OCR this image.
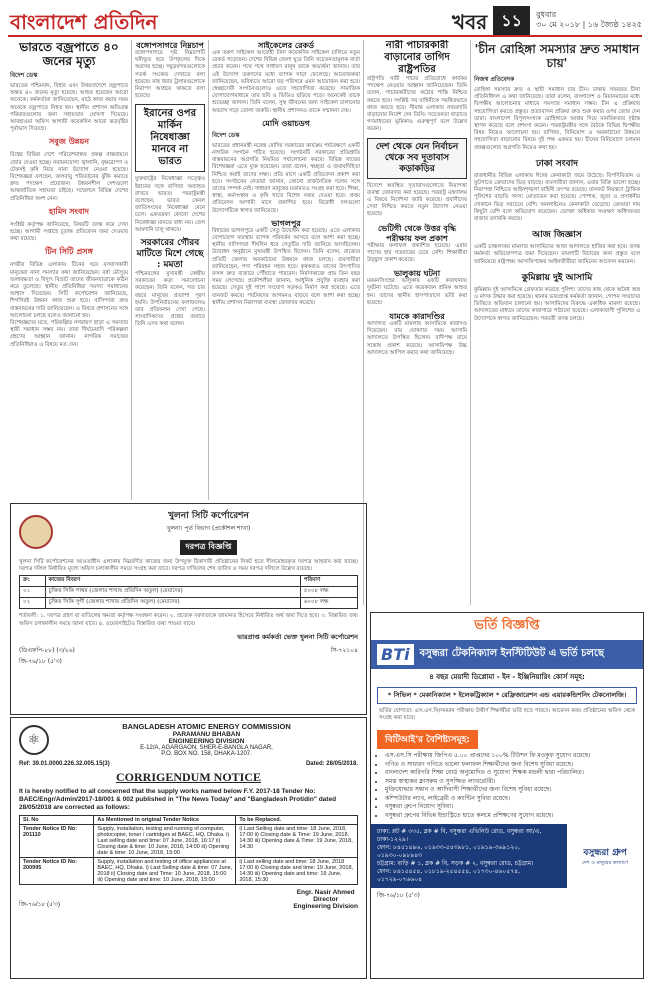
বাংলাদেশ প্রতিদিন	খবর ১১	বুধবার
৩০ মে ২০১৮ | ১৬ জ্যৈষ্ঠ ১৪২৫
ভারতে বজ্রপাতে ৪০ জনের মৃত্যু
বিদেশ ডেস্ক

ভারতের পশ্চিমবঙ্গ, বিহার এবং উত্তরপ্রদেশে বজ্রপাতে অন্তত ৪০ জনের মৃত্যু হয়েছে। আহত হয়েছেন আরো অনেকে। কর্মকর্তারা জানিয়েছেন, মাঠে কাজ করার সময় অনেকে বজ্রপাতে নিহত হন। স্থানীয় প্রশাসন ক্ষতিগ্রস্ত পরিবারগুলোর জন্য সহায়তার ঘোষণা দিয়েছে। আবহাওয়া অফিস আগামী কয়েকদিন আরো ঝড়বৃষ্টির পূর্বাভাস দিয়েছে।

সবুজ উন্নয়ন

বিশ্বের বিভিন্ন দেশে পরিবেশবান্ধব প্রকল্প বাস্তবায়নে জোর দেওয়া হচ্ছে। নবায়নযোগ্য জ্বালানি, বৃক্ষরোপণ ও টেকসই কৃষি নিয়ে নানা উদ্যোগ নেওয়া হয়েছে। বিশেষজ্ঞরা বলছেন, জলবায়ু পরিবর্তনের ঝুঁকি কমাতে দ্রুত পদক্ষেপ প্রয়োজন। উন্নয়নশীল দেশগুলো আন্তর্জাতিক সহায়তা চাইছে। সম্মেলনে বিভিন্ন দেশের প্রতিনিধিরা অংশ নেন।

হামিদ সংবাদ

সংশ্লিষ্ট কর্তৃপক্ষ জানিয়েছে, বিষয়টি তদন্ত করে দেখা হচ্ছে। আগামী সপ্তাহে চূড়ান্ত প্রতিবেদন জমা দেওয়ার কথা রয়েছে।

টিন সিটি প্রসঙ্গ

নগরীর বিভিন্ন এলাকায় টিনের ঘরে বসবাসকারী মানুষেরা নানা সমস্যার কথা জানিয়েছেন। বর্ষা মৌসুমে জলাবদ্ধতা ও বিদ্যুৎ বিভ্রাট তাদের জীবনযাত্রাকে কঠিন করে তুলেছে। স্থানীয় প্রতিনিধিরা সমস্যা সমাধানের আশ্বাস দিয়েছেন। সিটি কর্পোরেশন জানিয়েছে, শিগগিরই উন্নয়ন কাজ শুরু হবে। বাসিন্দারা দ্রুত বাস্তবায়নের দাবি জানিয়েছেন। এ বিষয়ে প্রশাসনের সঙ্গে আলোচনা চলছে বলেও জানানো হয়।

বিশেষজ্ঞদের মতে, পরিকল্পিত নগরায়ণ ছাড়া এ সমস্যার স্থায়ী সমাধান সম্ভব নয়। তারা দীর্ঘমেয়াদি পরিকল্পনা গ্রহণের আহ্বান জানান। নাগরিক সমাজের প্রতিনিধিরাও এ বিষয়ে মত দেন।

বঙ্গোপসাগরে নিম্নচাপ

বঙ্গোপসাগরে সৃষ্ট নিম্নচাপটি ঘনীভূত হয়ে উপকূলের দিকে অগ্রসর হচ্ছে। সমুদ্রবন্দরগুলোকে সতর্ক সংকেত দেখাতে বলা হয়েছে। মাছ ধরার ট্রলারগুলোকে নিরাপদ আশ্রয়ে থাকতে বলা হয়েছে।

ইরানের ওপর মার্কিন নিষেধাজ্ঞা মানবে না ভারত

যুক্তরাষ্ট্রের নিষেধাজ্ঞা সত্ত্বেও ইরানের সঙ্গে বাণিজ্য অব্যাহত রাখবে ভারত। পররাষ্ট্রমন্ত্রী বলেছেন, ভারত কেবল জাতিসংঘের নিষেধাজ্ঞা মেনে চলে। একতরফা কোনো দেশের নিষেধাজ্ঞা মানতে বাধ্য নয়। তেল আমদানি চালু থাকবে।

সরকারের গৌরব মাটিতে মিশে গেছে : মমতা

পশ্চিমবঙ্গের মুখ্যমন্ত্রী কেন্দ্রীয় সরকারের কড়া সমালোচনা করেছেন। তিনি বলেন, গত চার বছরে মানুষের প্রত্যাশা পূরণ হয়নি। উপনির্বাচনের ফলাফলেও তার প্রতিফলন দেখা গেছে। সাংবাদিকদের প্রশ্নের জবাবে তিনি এসব কথা বলেন।

সাইকেলের রেকর্ড

এক তরুণ সাইকেল আরোহী টানা কয়েকদিন সাইকেল চালিয়ে নতুন রেকর্ড গড়েছেন। দেশের বিভিন্ন জেলা ঘুরে তিনি সচেতনতামূলক বার্তা প্রচার করেন। পথে পথে সাধারণ মানুষ তাকে অভ্যর্থনা জানায়। তার এই উদ্যোগ তরুণদের মধ্যে ব্যাপক সাড়া ফেলেছে। আয়োজকরা জানিয়েছেন, ভবিষ্যতে আরো বড় পরিসরে এমন আয়োজন করা হবে। স্বেচ্ছাসেবী সংগঠনগুলোও এতে সহযোগিতা করেছে। সামাজিক যোগাযোগমাধ্যমে তার ছবি ও ভিডিও ছড়িয়ে পড়ে। অনেকেই তাকে শুভেচ্ছা জানান। তিনি বলেন, সুস্থ জীবনের জন্য সাইকেল চালানোর অভ্যাস গড়ে তোলা জরুরি। স্থানীয় প্রশাসনও তাকে সম্মাননা দেয়।

মোদি ওয়াচডগ
বিদেশ ডেস্ক

ভারতের প্রধানমন্ত্রী নরেন্দ্র মোদির সরকারের কার্যক্রম পর্যবেক্ষণে একটি নাগরিক সংগঠন গঠিত হয়েছে। সংগঠনটি সরকারের প্রতিশ্রুতি বাস্তবায়নের অগ্রগতি নিয়মিত পর্যালোচনা করবে। বিভিন্ন খাতের বিশেষজ্ঞরা এতে যুক্ত হয়েছেন। তারা বলেন, স্বচ্ছতা ও জবাবদিহিতা নিশ্চিত করাই তাদের লক্ষ্য। প্রতি মাসে একটি প্রতিবেদন প্রকাশ করা হবে। সংগঠনের নেতারা জানান, কোনো রাজনৈতিক দলের সঙ্গে তাদের সম্পর্ক নেই। সাধারণ মানুষের মতামতও সংগ্রহ করা হবে। শিক্ষা, স্বাস্থ্য, কর্মসংস্থান ও কৃষি খাতে বিশেষ নজর দেওয়া হবে। প্রথম প্রতিবেদন আগামী মাসে প্রকাশিত হবে। বিরোধী দলগুলো উদ্যোগটিকে স্বাগত জানিয়েছে।

ভাগলপুর

বিহারের ভাগলপুরে একটি সেতু উদ্বোধন করা হয়েছে। এতে এলাকার যোগাযোগ ব্যবস্থায় ব্যাপক পরিবর্তন আসবে বলে আশা করা হচ্ছে। স্থানীয় বাসিন্দারা দীর্ঘদিন ধরে সেতুটির দাবি জানিয়ে আসছিলেন। উদ্বোধন অনুষ্ঠানে মুখ্যমন্ত্রী উপস্থিত ছিলেন। তিনি বলেন, রাজ্যের প্রতিটি জেলায় অবকাঠামো উন্নয়নে কাজ চলছে। ব্যবসায়ীরা জানিয়েছেন, পণ্য পরিবহন সহজ হবে। কৃষকরাও তাদের উৎপাদিত ফসল দ্রুত বাজারে পৌঁছাতে পারবেন। নির্মাণকাজে প্রায় তিন বছর সময় লেগেছে। প্রকৌশলীরা জানান, আধুনিক প্রযুক্তি ব্যবহার করা হয়েছে। সেতুর দুই পাশে সংযোগ সড়কও নির্মাণ করা হয়েছে। এতে যানজট কমবে। পর্যটকদের আগমনও বাড়বে বলে আশা করা হচ্ছে। স্থানীয় প্রশাসন নিরাপত্তা ব্যবস্থা জোরদার করেছে।

নারী পাচারকারী বাড়ানোর তাগিদ রাষ্ট্রপতির

রাষ্ট্রপতি নারী পাচার প্রতিরোধে কার্যকর পদক্ষেপ নেওয়ার আহ্বান জানিয়েছেন। তিনি বলেন, পাচারকারীদের কঠোর শাস্তি নিশ্চিত করতে হবে। সংশ্লিষ্ট সব বাহিনীকে সমন্বিতভাবে কাজ করতে হবে। সীমান্ত এলাকায় নজরদারি বাড়ানোর নির্দেশ দেন তিনি। সচেতনতা বাড়াতে গণমাধ্যমের ভূমিকাও গুরুত্বপূর্ণ বলে উল্লেখ করেন।

দেশ থেকে যেন নির্বাচন থেকে সব দূতাবাস কড়াকড়ির

বিদেশে অবস্থিত দূতাবাসগুলোতে নিরাপত্তা ব্যবস্থা জোরদার করা হয়েছে। পররাষ্ট্র মন্ত্রণালয় এ বিষয়ে নির্দেশনা জারি করেছে। প্রবাসীদের সেবা নিশ্চিত করতে নতুন উদ্যোগ নেওয়া হয়েছে।

ভেটিগী থেকে উত্তর বৃদ্ধি পরীক্ষায় ফল প্রকাশ

পরীক্ষার ফলাফল প্রকাশিত হয়েছে। এবার পাসের হার গতবারের চেয়ে বেশি। শিক্ষার্থীরা উচ্ছ্বাস প্রকাশ করেছে।

ভালুকায় ঘটনা

ময়মনসিংহের ভালুকায় একটি কারখানায় দুর্ঘটনা ঘটেছে। এতে কয়েকজন শ্রমিক আহত হন। তাদের স্থানীয় হাসপাতালে ভর্তি করা হয়েছে।

যামকে কারাদণ্ডির

আদালত একটি মামলায় আসামিকে কারাদণ্ড দিয়েছেন। রায় ঘোষণার সময় আসামি আদালতে উপস্থিত ছিলেন। বাদীপক্ষ রায়ে সন্তোষ প্রকাশ করেছে। আসামিপক্ষ উচ্চ আদালতে আপিল করার কথা জানিয়েছে।

'চীন রোহিঙ্গা সমস্যার দ্রুত সমাধান চায়'
নিজস্ব প্রতিবেদক

রোহিঙ্গা সমস্যার দ্রুত ও স্থায়ী সমাধান চায় চীন। ঢাকায় সফররত চীনা প্রতিনিধিদল এ কথা জানিয়েছে। তারা বলেন, বাংলাদেশ ও মিয়ানমারের মধ্যে দ্বিপক্ষীয় আলোচনার মাধ্যমে সমস্যার সমাধান সম্ভব। চীন এ প্রক্রিয়ায় সহযোগিতা করতে প্রস্তুত। প্রত্যাবাসন প্রক্রিয়া দ্রুত শুরু করার ওপর জোর দেন তারা। বাংলাদেশ বিপুলসংখ্যক রোহিঙ্গাকে আশ্রয় দিয়ে মানবিকতার দৃষ্টান্ত স্থাপন করেছে বলে প্রশংসা করেন। পররাষ্ট্রমন্ত্রীর সঙ্গে বৈঠকে বিভিন্ন দ্বিপক্ষীয় বিষয় নিয়েও আলোচনা হয়। বাণিজ্য, বিনিয়োগ ও অবকাঠামো উন্নয়নে সহযোগিতা বাড়ানোর বিষয়ে দুই পক্ষ একমত হয়। চীনের বিনিয়োগে চলমান প্রকল্পগুলোর অগ্রগতি নিয়েও কথা হয়।

ঢাকা সংবাদ

রাজধানীর বিভিন্ন এলাকায় ঈদের কেনাকাটা জমে উঠেছে। বিপণিবিতান ও ফুটপাতে ক্রেতাদের ভিড় বাড়ছে। ব্যবসায়ীরা জানান, এবার বিক্রি ভালো হচ্ছে। নিরাপত্তা নিশ্চিতে আইনশৃঙ্খলা বাহিনী তৎপর রয়েছে। যানজট নিয়ন্ত্রণে ট্রাফিক পুলিশের বাড়তি সদস্য মোতায়েন করা হয়েছে। পোশাক, জুতা ও প্রসাধনীর দোকানে ভিড় সবচেয়ে বেশি। অনলাইনেও কেনাকাটা বেড়েছে। ক্রেতারা দাম কিছুটা বেশি বলে অভিযোগ করেছেন। ভোক্তা অধিকার সংরক্ষণ অধিদফতর বাজার তদারকি করছে।

আজ জিজ্ঞাস

একটি চাঞ্চল্যকর মামলার আসামিদের আজ আদালতে হাজির করা হবে। তদন্ত কর্মকর্তা অভিযোগপত্র জমা দিয়েছেন। মামলাটি বিচারের জন্য প্রস্তুত বলে জানিয়েছে রাষ্ট্রপক্ষ। আসামিপক্ষের আইনজীবীরা জামিনের আবেদন করবেন।

কুমিল্লায় দুই আসামি

কুমিল্লায় দুই আসামিকে গ্রেফতার করেছে পুলিশ। তাদের কাছ থেকে অবৈধ অস্ত্র ও মাদক উদ্ধার করা হয়েছে। থানার ভারপ্রাপ্ত কর্মকর্তা জানান, গোপন সংবাদের ভিত্তিতে অভিযান চালানো হয়। আসামিদের বিরুদ্ধে একাধিক মামলা রয়েছে। আদালতের মাধ্যমে তাদের কারাগারে পাঠানো হয়েছে। এলাকাবাসী পুলিশের এ উদ্যোগকে স্বাগত জানিয়েছেন। পরবর্তী তদন্ত চলছে।

খুলনা সিটি কর্পোরেশন
খুলনা। পূর্ত বিভাগ (প্রকৌশল শাখা)
দরপত্র বিজ্ঞপ্তি

খুলনা সিটি কর্পোরেশনের আওতাধীন এলাকায় নিম্নবর্ণিত কাজের জন্য উপযুক্ত ঠিকাদারী প্রতিষ্ঠানের নিকট হতে সীলমোহরকৃত দরপত্র আহবান করা যাচ্ছে। দরপত্র দলিল নির্ধারিত মূল্যে অফিস চলাকালীন সময়ে সংগ্রহ করা যাবে। দরপত্র দাখিলের শেষ তারিখ ও সময় দরপত্র দলিলে উল্লেখ রয়েছে।

ক্র:	কাজের বিবরণ	পরিমাণ
০১	চুক্তির সিকি পাথর (জেলার শাখায় প্রতিদিন অতুল) (মেয়াদের)	৫০০৮ লক্ষ
০২	চুক্তির সিকি সুগী (জেলার শাখায় প্রতিদিন অতুল) (মেয়াদের)	৬০০৮ লক্ষ

শর্তাবলী: ১. দরপত্র গ্রহণ বা বাতিলের ক্ষমতা কর্তৃপক্ষ সংরক্ষণ করেন। ২. প্রত্যেক দরদাতাকে জামানত হিসেবে নির্ধারিত অর্থ জমা দিতে হবে। ৩. বিস্তারিত তথ্য অফিস চলাকালীন সময়ে জানা যাবে। ৪. ওয়েবসাইটেও বিস্তারিত তথ্য পাওয়া যাবে।

ভারপ্রাপ্ত কর্মকর্তা ভেক্ত খুলনা সিটি কর্পোরেশন
(ডিএফপি-৮৮) (৩/২৬)	সি-৭২১০৪
জি-৭৬/১৮ (৫'৩)
⚛
BANGLADESH ATOMIC ENERGY COMMISSION
PARAMANU BHABAN
ENGINEERING DIVISION
E-12/A, AGARGAON, SHER-E-BANGLA NAGAR,
P.O. BOX NO. 158, DHAKA-1207.
Ref: 39.01.0000.226.32.005.15(3)	Dated: 28/05/2018.
CORRIGENDUM NOTICE

It is hereby notified to all concerned that the supply works named below F.Y. 2017-18 Tender No: BAEC/Engr/Admin/2017-18/001 & 002 published in "The News Today" and "Bangladesh Protidin" dated 28/05/2018 are corrected as follows:

Sl. No	As Mentioned in original Tender Notice	To be Replaced.
Tender Notice ID No: 201110	Supply, installation, testing and running of computer, photocopier, toner / cartridges at BAEC, HQ, Dhaka. i) Last selling date and time: 07 June, 2018, 16:17 ii) Closing date & time: 10 June, 2018, 14:00 iii) Opening date & time: 10 June, 2018, 15:00	i) Last Selling date and time: 18 June, 2018, 17:00 ii) Closing date & Time: 19 June, 2018, 14:30 iii) Opening date & Time: 19 June, 2018, 14:30
Tender Notice ID No: 200995	Supply, installation and testing of office appliances at BAEC, HQ, Dhaka. i) Last Selling date & time: 07 June, 2018 ii) Closing date and Time: 10 June, 2018, 15:00 iii) Opening date and time: 10 June, 2018, 15:00	i) Last selling date and time: 18 June, 2018 17:00 ii) Closing date and time: 19 June, 2018, 14:30 iii) Opening date and time: 19 June, 2018, 15:30
জি-৭৬/১৮ (৫'৩)
Engr. Nasir Ahmed
Director
Engineering Division
ভর্তি বিজ্ঞপ্তি
BTi	বসুন্ধরা টেকনিক্যাল ইনস্টিটিউট এ ভর্তি চলছে
৪ বছর মেয়াদী ডিপ্লোমা - ইন - ইঞ্জিনিয়ারিং কোর্স সমূহ:
* সিভিল * মেকানিক্যাল * ইলেকট্রিক্যাল * রেফ্রিজারেশন এন্ড এয়ারকন্ডিশনিং টেকনোলজি।

ভর্তির যোগ্যতা: এস.এস.সি/সমমান পরীক্ষায় উত্তীর্ণ শিক্ষার্থীরা ভর্তি হতে পারবে। আবেদন ফরম প্রতিষ্ঠানের অফিস থেকে সংগ্রহ করা যাবে।

বিটিআই'র বৈশিষ্ট্যসমূহ:
• এস.এস.সি পরীক্ষায় জিপিএ ৫.০০ প্রাপ্তদের ১০০% টিউশন ফি মওকুফ সুযোগ রয়েছে।
• গণিত ও সাধারণ গণিতে ভালো ফলাফল শিক্ষার্থীদের জন্য বিশেষ সুবিধা রয়েছে।
• বাংলাদেশ কারিগরি শিক্ষা বোর্ড অনুমোদিত ও সুযোগ্য শিক্ষক মন্ডলী দ্বারা পরিচালিত।
• সমস্ত স্বাস্থ্যকর ক্লাসরুম ও সুসজ্জিত ল্যাবরেটরী।
• মুক্তিযোদ্ধার সন্তান ও আদিবাসী শিক্ষার্থীদের জন্য বিশেষ সুবিধা রয়েছে।
• কম্পিউটার ল্যাব, লাইব্রেরী ও ক্যান্টিন সুবিধা রয়েছে।
• বসুন্ধরা গ্রুপে নিয়োগ সুবিধা।
• বসুন্ধরা গ্রুপের বিভিন্ন ইন্ডাস্ট্রিতে হাতে কলমে প্রশিক্ষণের সুযোগ রয়েছে।
ঢাকা: প্লট # ৩৩৫, ব্লক # বি, বসুন্ধরা এভিনিউ রোড, বসুন্ধরা আ/এ, ঢাকা-১২২৯।
ফোন: ৮৪৫১৪৯৬, ০১৯৩৩-৫৪৩৯৮১, ০১৯১৯-৩৬৯১২০, ০১৯৩০-০৯৮৯৪৩
চট্টগ্রাম: বাড়ি # ১, ব্লক # বি, সড়ক # ২, বসুন্ধরা রোড, চট্টগ্রাম।
ফোন: ৮৯১৫৪৫৪, ০১৮১৯-২৫৪৫৫৪, ০১৭৩০-৪৬০৫৭৪, ০১৭২৯-০৭৬৬০৪
বসুন্ধরা গ্রুপ
দেশ ও মানুষের কল্যাণে
জি-৭৬/১৮ (৫'৩)
